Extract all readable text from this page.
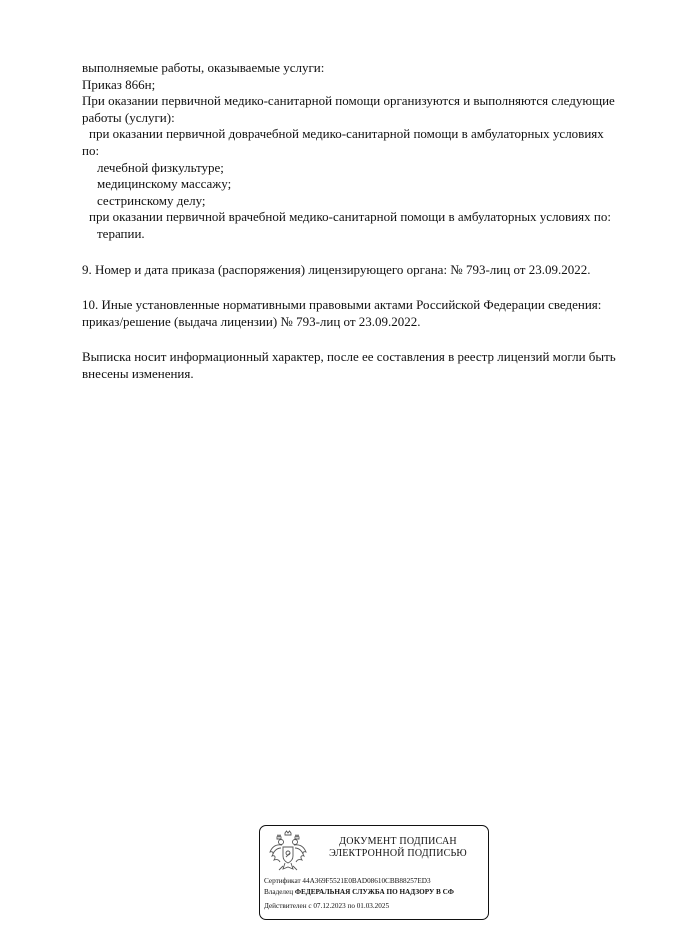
выполняемые работы, оказываемые услуги:

Приказ 866н;

При оказании первичной медико-санитарной помощи организуются и выполняются следующие

работы (услуги):

при оказании первичной доврачебной медико-санитарной помощи в амбулаторных условиях

по:

лечебной физкультуре;

медицинскому массажу;

сестринскому делу;

при оказании первичной врачебной медико-санитарной помощи в амбулаторных условиях по:

терапии.

9. Номер и дата приказа (распоряжения) лицензирующего органа: № 793-лиц от 23.09.2022.

10. Иные установленные нормативными правовыми актами Российской Федерации сведения:

приказ/решение (выдача лицензии) № 793-лиц от 23.09.2022.

Выписка носит информационный характер, после ее составления в реестр лицензий могли быть

внесены изменения.

ДОКУМЕНТ ПОДПИСАН
ЭЛЕКТРОННОЙ ПОДПИСЬЮ
Сертификат 44A369F5521E0BAD08610CBB88257ED3
Владелец ФЕДЕРАЛЬНАЯ СЛУЖБА ПО НАДЗОРУ В СФ
Действителен с 07.12.2023 по 01.03.2025
